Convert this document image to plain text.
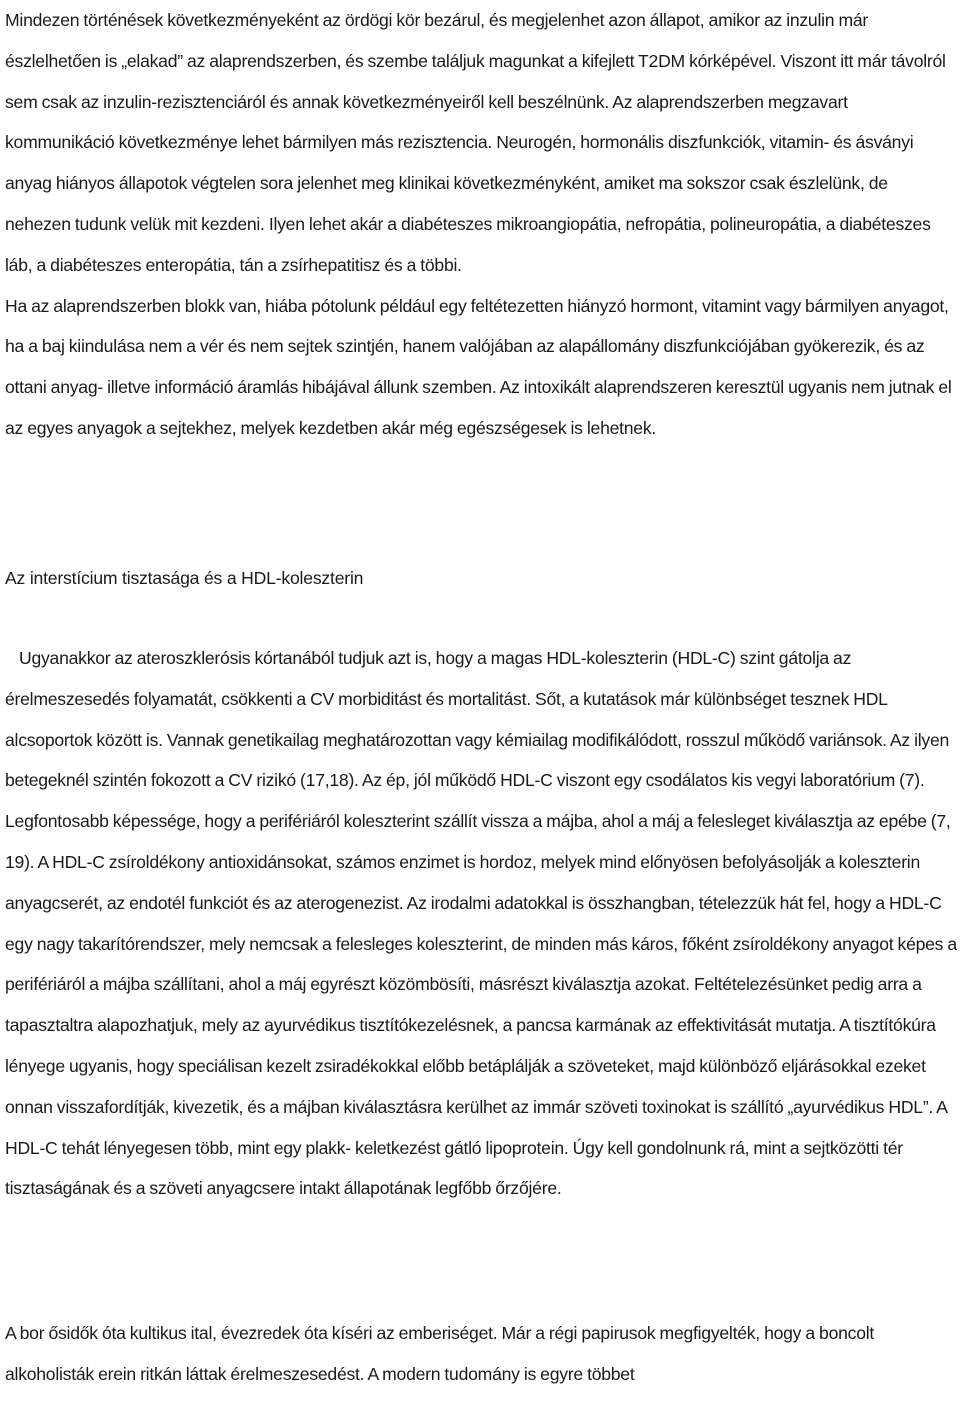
Mindezen történések következményeként az ördögi kör bezárul, és megjelenhet azon állapot, amikor az inzulin már észlelhetően is „elakad” az alaprendszerben, és szembe találjuk magunkat a kifejlett T2DM kórképével. Viszont itt már távolról sem csak az inzulin-rezisztenciáról és annak következményeiről kell beszélnünk. Az alaprendszerben megzavart kommunikáció következménye lehet bármilyen más rezisztencia. Neurogén, hormonális diszfunkciók, vitamin- és ásványi anyag hiányos állapotok végtelen sora jelenhet meg klinikai következményként, amiket ma sokszor csak észlelünk, de nehezen tudunk velük mit kezdeni. Ilyen lehet akár a diabéteszes mikroangiopátia, nefropátia, polineuropátia, a diabéteszes láb, a diabéteszes enteropátia, tán a zsírhepatitisz és a többi.
Ha az alaprendszerben blokk van, hiába pótolunk például egy feltétezetten hiányzó hormont, vitamint vagy bármilyen anyagot, ha a baj kiindulása nem a vér és nem sejtek szintjén, hanem valójában az alapállomány diszfunkciójában gyökerezik, és az ottani anyag- illetve információ áramlás hibájával állunk szemben. Az intoxikált alaprendszeren keresztül ugyanis nem jutnak el az egyes anyagok a sejtekhez, melyek kezdetben akár még egészségesek is lehetnek.

Az interstícium tisztasága és a HDL-koleszterin

Ugyanakkor az ateroszklerósis kórtanából tudjuk azt is, hogy a magas HDL-koleszterin (HDL-C) szint gátolja az érelmeszesedés folyamatát, csökkenti a CV morbiditást és mortalitást. Sőt, a kutatások már különbséget tesznek HDL alcsoportok között is. Vannak genetikailag meghatározottan vagy kémiailag modifikálódott, rosszul működő variánsok. Az ilyen betegeknél szintén fokozott a CV rizikó (17,18). Az ép, jól működő HDL-C viszont egy csodálatos kis vegyi laboratórium (7). Legfontosabb képessége, hogy a perifériáról koleszterint szállít vissza a májba, ahol a máj a felesleget kiválasztja az epébe (7, 19). A HDL-C zsíroldékony antioxidánsokat, számos enzimet is hordoz, melyek mind előnyösen befolyásolják a koleszterin anyagcserét, az endotél funkciót és az aterogenezist. Az irodalmi adatokkal is összhangban, tételezzük hát fel, hogy a HDL-C egy nagy takarítórendszer, mely nemcsak a felesleges koleszterint, de minden más káros, főként zsíroldékony anyagot képes a perifériáról a májba szállítani, ahol a máj egyrészt közömbösíti, másrészt kiválasztja azokat. Feltételezésünket pedig arra a tapasztaltra alapozhatjuk, mely az ayurvédikus tisztítókezelésnek, a pancsa karmának az effektivitását mutatja. A tisztítókúra lényege ugyanis, hogy speciálisan kezelt zsiradékokkal előbb betáplálják a szöveteket, majd különböző eljárásokkal ezeket onnan visszafordítják, kivezetik, és a májban kiválasztásra kerülhet az immár szöveti toxinokat is szállító „ayurvédikus HDL”. A HDL-C tehát lényegesen több, mint egy plakk- keletkezést gátló lipoprotein. Úgy kell gondolnunk rá, mint a sejtközötti tér tisztaságának és a szöveti anyagcsere intakt állapotának legfőbb őrzőjére.

A bor ősidők óta kultikus ital, évezredek óta kíséri az emberiséget. Már a régi papirusok megfigyelték, hogy a boncolt alkoholisták erein ritkán láttak érelmeszesedést. A modern tudomány is egyre többet
